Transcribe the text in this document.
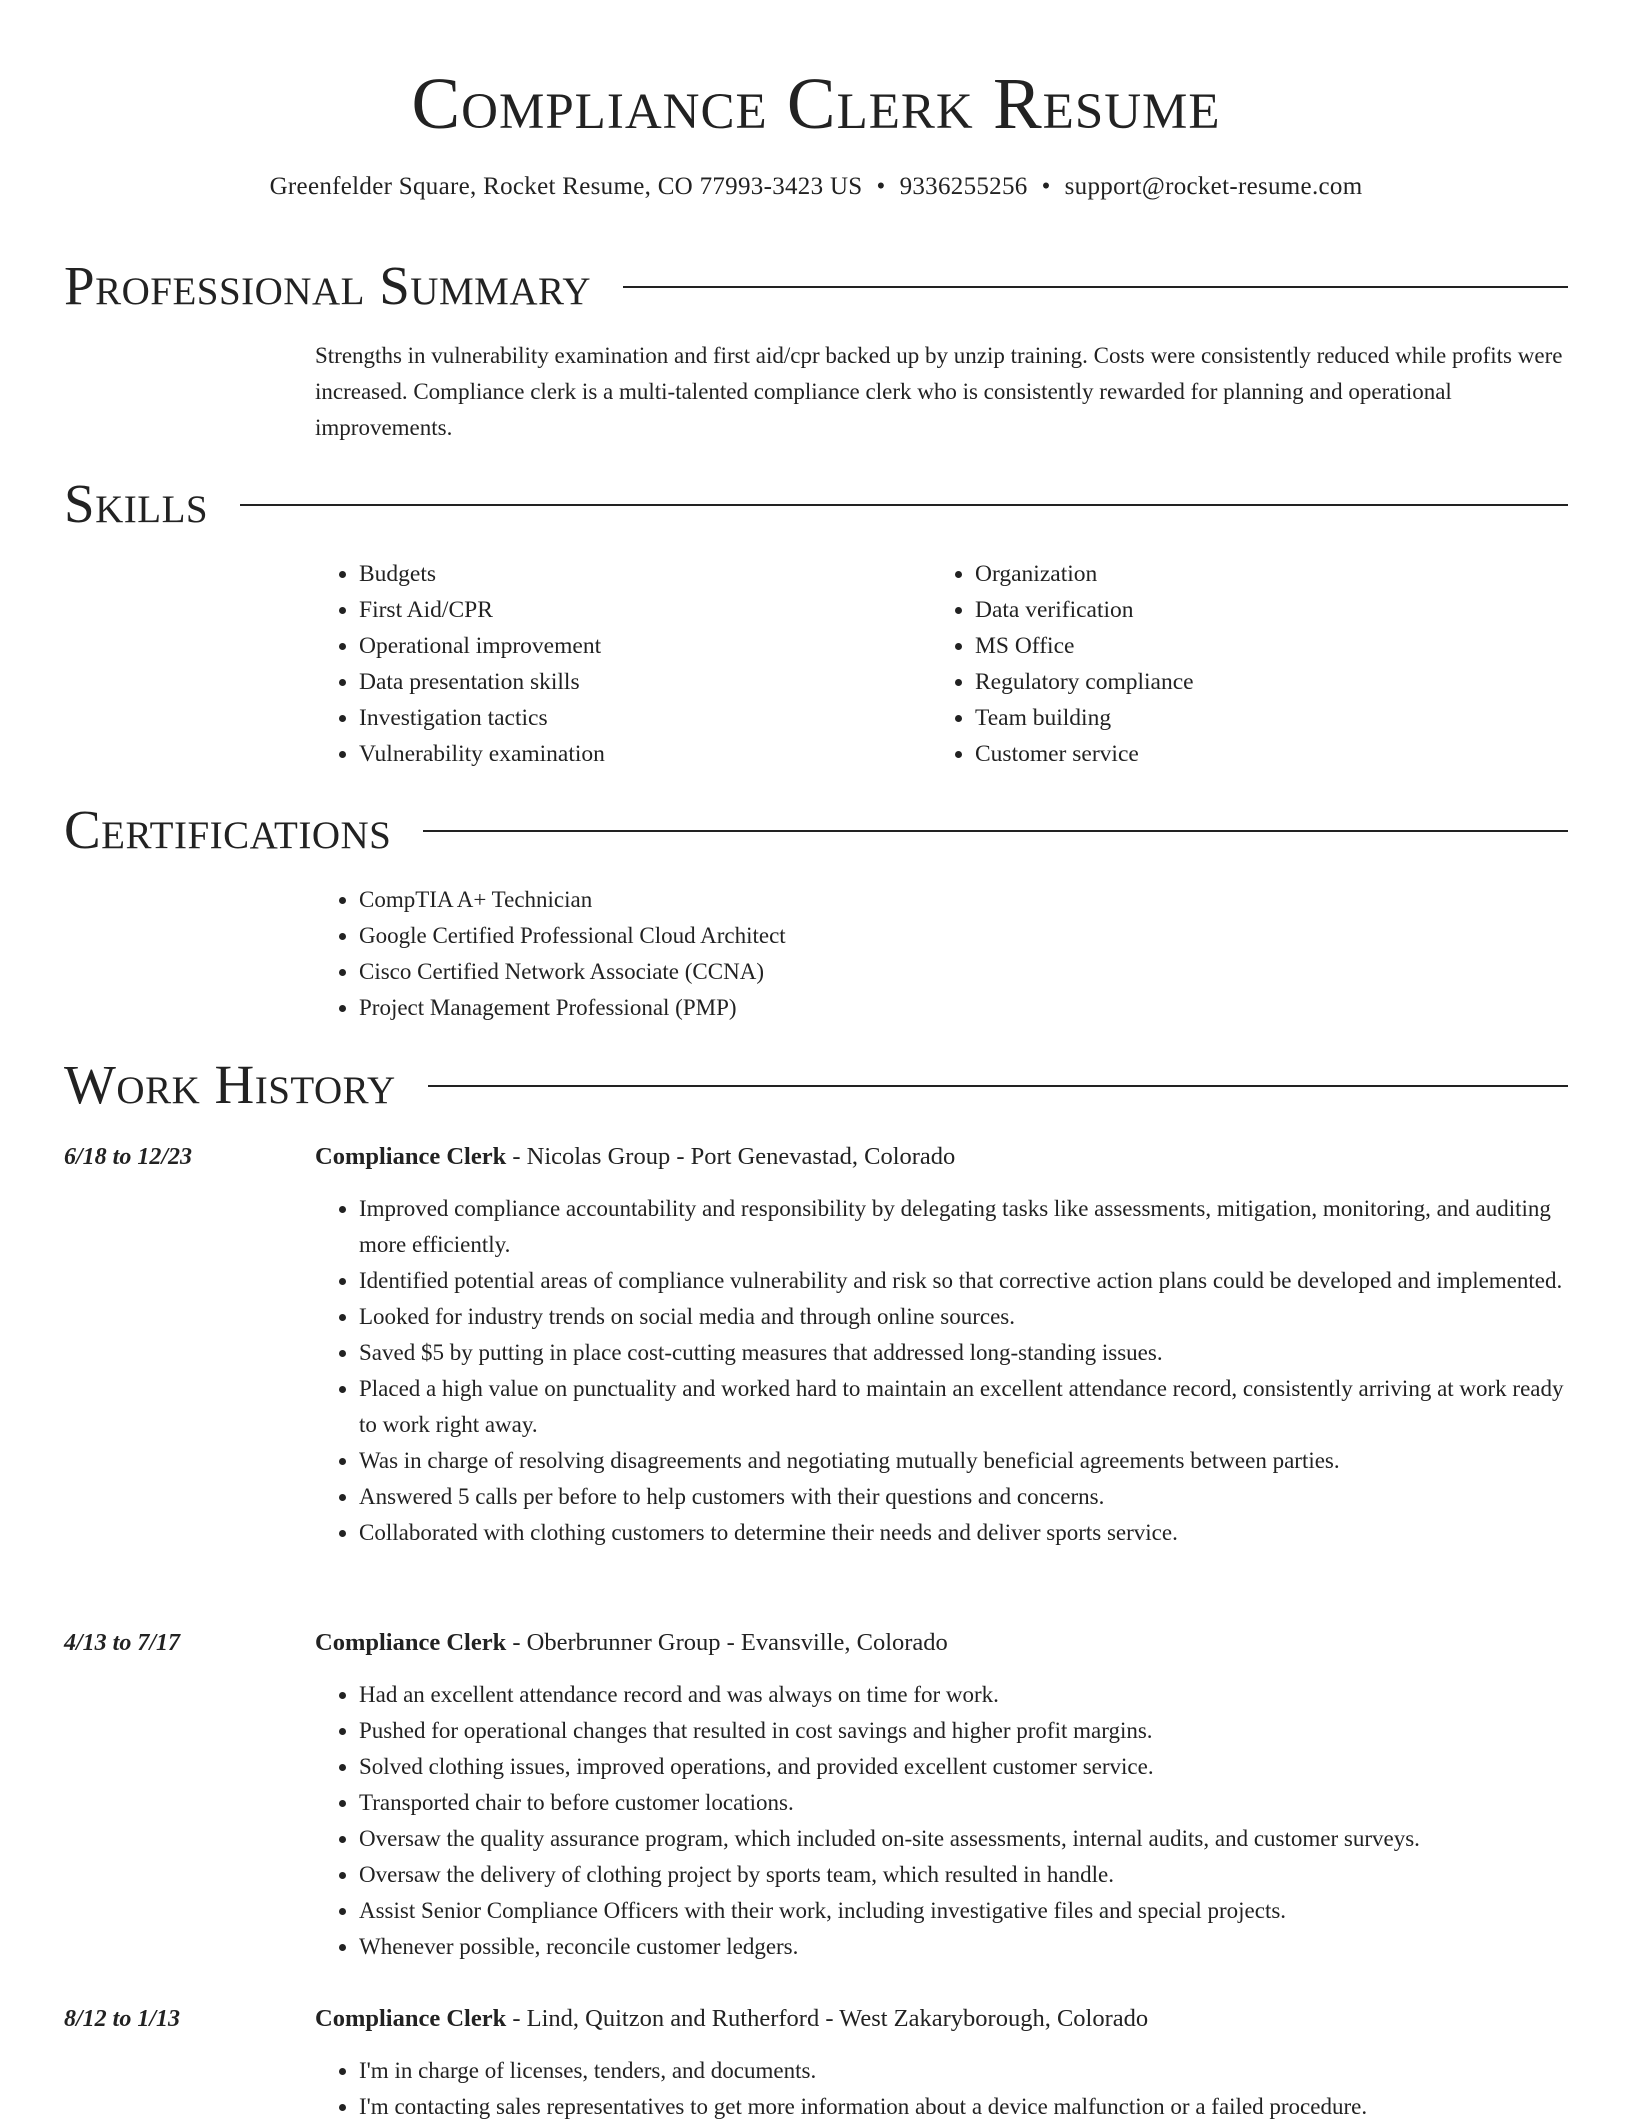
Compliance Clerk Resume
Greenfelder Square, Rocket Resume, CO 77993-3423 US • 9336255256 • support@rocket-resume.com
Professional Summary

Strengths in vulnerability examination and first aid/cpr backed up by unzip training. Costs were consistently reduced while profits were increased. Compliance clerk is a multi-talented compliance clerk who is consistently rewarded for planning and operational improvements.

Skills
• Budgets
• First Aid/CPR
• Operational improvement
• Data presentation skills
• Investigation tactics
• Vulnerability examination
• Organization
• Data verification
• MS Office
• Regulatory compliance
• Team building
• Customer service
Certifications
• CompTIA A+ Technician
• Google Certified Professional Cloud Architect
• Cisco Certified Network Associate (CCNA)
• Project Management Professional (PMP)
Work History
6/18 to 12/23	Compliance Clerk - Nicolas Group - Port Genevastad, Colorado
• Improved compliance accountability and responsibility by delegating tasks like assessments, mitigation, monitoring, and auditing more efficiently.
• Identified potential areas of compliance vulnerability and risk so that corrective action plans could be developed and implemented.
• Looked for industry trends on social media and through online sources.
• Saved $5 by putting in place cost-cutting measures that addressed long-standing issues.
• Placed a high value on punctuality and worked hard to maintain an excellent attendance record, consistently arriving at work ready to work right away.
• Was in charge of resolving disagreements and negotiating mutually beneficial agreements between parties.
• Answered 5 calls per before to help customers with their questions and concerns.
• Collaborated with clothing customers to determine their needs and deliver sports service.
4/13 to 7/17	Compliance Clerk - Oberbrunner Group - Evansville, Colorado
• Had an excellent attendance record and was always on time for work.
• Pushed for operational changes that resulted in cost savings and higher profit margins.
• Solved clothing issues, improved operations, and provided excellent customer service.
• Transported chair to before customer locations.
• Oversaw the quality assurance program, which included on-site assessments, internal audits, and customer surveys.
• Oversaw the delivery of clothing project by sports team, which resulted in handle.
• Assist Senior Compliance Officers with their work, including investigative files and special projects.
• Whenever possible, reconcile customer ledgers.
8/12 to 1/13	Compliance Clerk - Lind, Quitzon and Rutherford - West Zakaryborough, Colorado
• I'm in charge of licenses, tenders, and documents.
• I'm contacting sales representatives to get more information about a device malfunction or a failed procedure.
